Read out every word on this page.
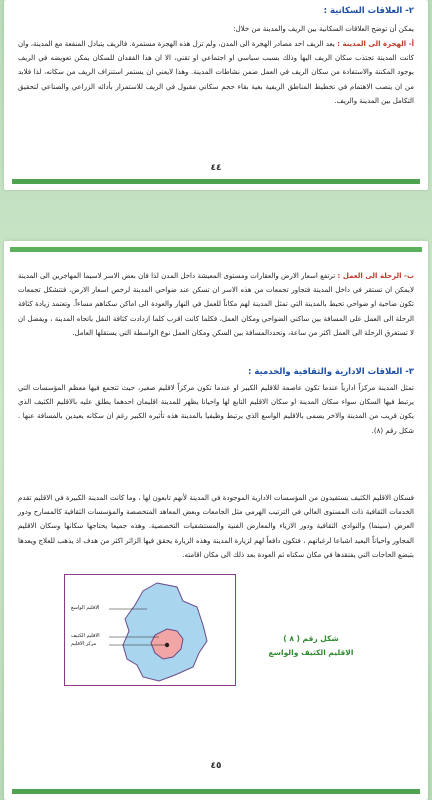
٢- العلاقات السكانية :
يمكن أن توضح العلاقات السكانية بين الريف والمدينة من خلال:
أ- الهجرة الى المدينة : يعد الريف احد مصادر الهجرة الى المدن، ولم تزل هذه الهجرة مستمرة. فالريف يتبادل المنفعة مع المدينة، وان كانت المدينة تجتذب سكان الريف اليها وذلك بسبب سياسي او اجتماعي او تقني، الا ان هذا الفقدان للسكان يمكن تعويضه في الريف بوجود المكننة والاستفادة من سكان الريف في العمل ضمن نشاطات المدينة. وهذا لايعني ان يستمر استنزاف الريف من سكانه، لذا فلابد من ان ينصب الاهتمام في تخطيط المناطق الريفية بغية بقاء حجم سكاني مقبول في الريف للاستمرار بأدائه الزراعي والصناعي لتحقيق التكامل بين المدينة والريف.
٤٤
ب- الرحلة الى العمل : ترتفع اسعار الارض والعقارات ومستوى المعيشة داخل المدن لذا فان بعض الاسر لاسيما المهاجرين الى المدينة لايمكن ان تستقر في داخل المدينة فتجاور تجمعات من هذه الاسر ان تسكن عند ضواحي المدينة لرخص اسعار الارض، فتتشكل تجمعات تكون ضاحية او ضواحي تحيط بالمدينة التي تمثل المدينة لهم مكاناً للعمل في النهار والعودة الى اماكن سكناهم مساءاً. وتعتمد زيادة كثافة الرحلة الى العمل على المسافة بين ساكني الضواحي ومكان العمل، فكلما كانت اقرب كلما ازدادت كثافة النقل باتجاه المدينة ، ويفضل ان لا تستغرق الرحلة الى العمل اكثر من ساعة، وتحددالمسافة بين السكن ومكان العمل نوع الواسطة التي يستقلها العامل.
٣- العلاقات الادارية والثقافية والخدمية :
تمثل المدينة مركزاً ادارياً عندما تكون عاصمة للاقليم الكبير او عندما تكون مركزاً لاقليم صغير، حيث تتجمع فيها معظم المؤسسات التي يرتبط فيها السكان سواء سكان المدينة او سكان الاقليم التابع لها واحيانا يظهر للمدينة اقليمان احدهما يطلق عليه بالاقليم الكثيف الذي يكون قريب من المدينة والاخر يسمى بالاقليم الواسع الذي يرتبط وظيفيا بالمدينة هذه تأثيره الكبير رغم ان سكانه يعيدين بالمسافة عنها . شكل رقم (٨).
فسكان الاقليم الكثيف يستفيدون من المؤسسات الادارية الموجودة في المدينة لأنهم تابعون لها ، وما كانت المدينة الكبيرة في الاقليم تقدم الخدمات الثقافية ذات المستوى العالي في الترتيب الهرمي مثل الجامعات وبعض المعاهد المتخصصة والمؤسسات الثقافية كالمسارح ودور العرض (سينما) والنوادي الثقافية ودور الازياء والمعارض الفنية والمستشفيات التخصصية. وهذه جميعا يحتاجها سكانها وسكان الاقليم المجاور واحياناً البعيد اشباعا لرغباتهم ، فتكون دافعاً لهم لزيارة المدينة وهذه الزيارة يحقق فيها الزائر اكثر من هدف اذ يذهب للعلاج ويعدها بتبضع الحاجات التي يفتقدها في مكان سكناه ثم العودة بعد ذلك الى مكان اقامته.
شكل رقم ( ٨ )
الاقليم الكثيف والواسع
٤٥
الاقليم الواسع
الاقليم الكثيف
مركز الاقليم
